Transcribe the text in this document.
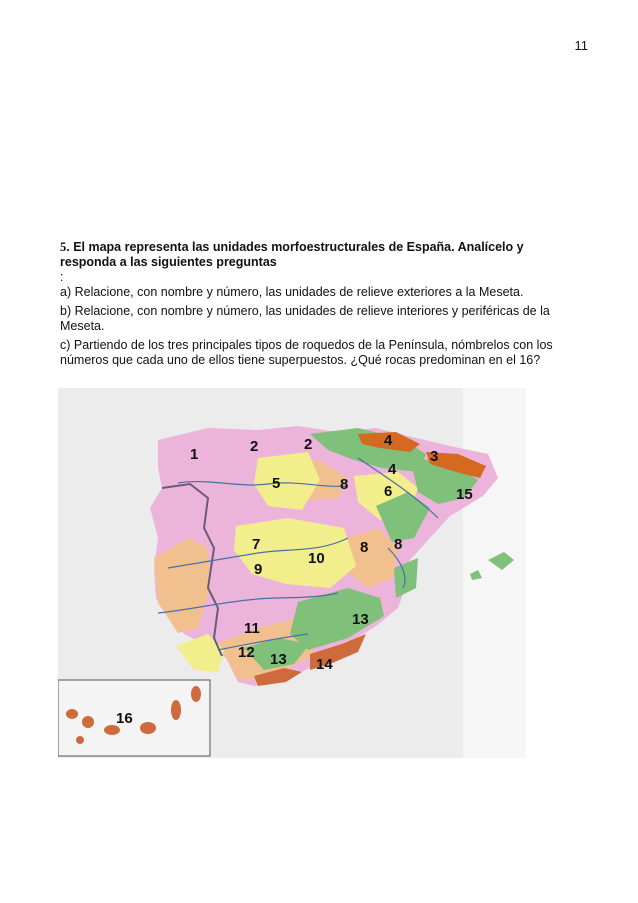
11
5. El mapa representa las unidades morfoestructurales de España. Analícelo y responda a las siguientes preguntas
:

a) Relacione, con nombre y número, las unidades de relieve exteriores a la Meseta.

b) Relacione, con nombre y número, las unidades de relieve interiores y periféricas de la Meseta.

c) Partiendo de los tres principales tipos de roquedos de la Península, nómbrelos con los números que cada uno de ellos tiene superpuestos. ¿Qué rocas predominan en el 16?

1	2	2	4
3
4
5	8 6	15
7
9
10
8 8
13
11
12 13 14
16
